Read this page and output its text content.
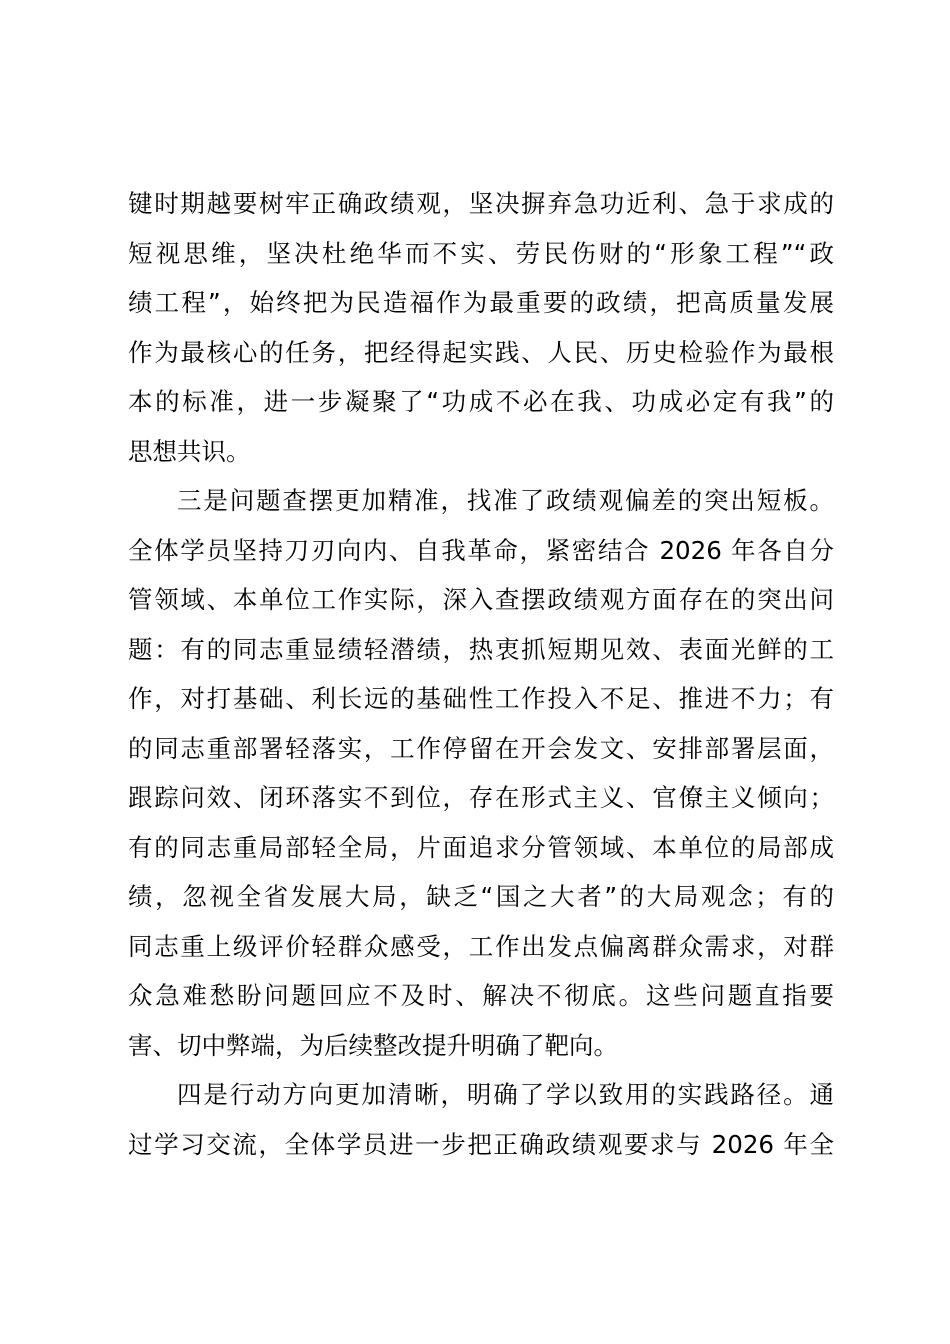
键时期越要树牢正确政绩观，坚决摒弃急功近利、急于求成的
短视思维，坚决杜绝华而不实、劳民伤财的“形象工程”“政
绩工程”，始终把为民造福作为最重要的政绩，把高质量发展
作为最核心的任务，把经得起实践、人民、历史检验作为最根
本的标准，进一步凝聚了“功成不必在我、功成必定有我”的
思想共识。
三是问题查摆更加精准，找准了政绩观偏差的突出短板。
全体学员坚持刀刃向内、自我革命，紧密结合 2026 年各自分
管领域、本单位工作实际，深入查摆政绩观方面存在的突出问
题：有的同志重显绩轻潜绩，热衷抓短期见效、表面光鲜的工
作，对打基础、利长远的基础性工作投入不足、推进不力；有
的同志重部署轻落实，工作停留在开会发文、安排部署层面，
跟踪问效、闭环落实不到位，存在形式主义、官僚主义倾向；
有的同志重局部轻全局，片面追求分管领域、本单位的局部成
绩，忽视全省发展大局，缺乏“国之大者”的大局观念；有的
同志重上级评价轻群众感受，工作出发点偏离群众需求，对群
众急难愁盼问题回应不及时、解决不彻底。这些问题直指要
害、切中弊端，为后续整改提升明确了靶向。
四是行动方向更加清晰，明确了学以致用的实践路径。通
过学习交流，全体学员进一步把正确政绩观要求与 2026 年全
